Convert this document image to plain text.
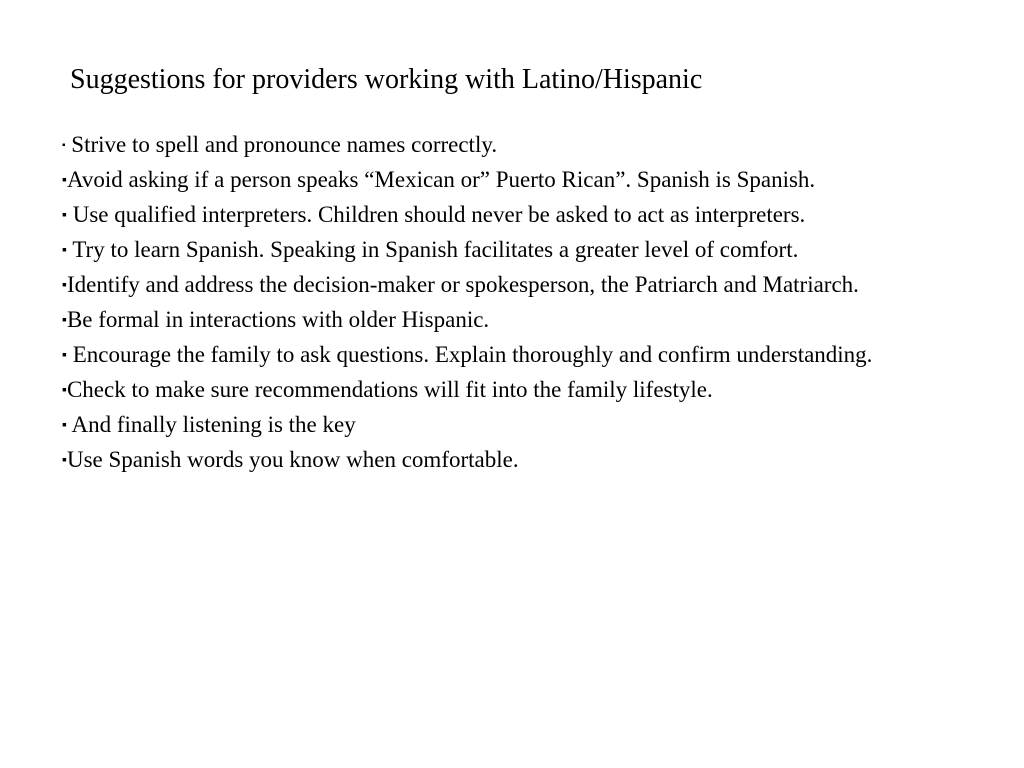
Suggestions for providers working with Latino/Hispanic
▪ Strive to spell and pronounce names correctly.
▪Avoid asking if a person speaks “Mexican or” Puerto Rican”. Spanish is Spanish.
▪ Use qualified interpreters. Children should never be asked to act as interpreters.
▪ Try to learn Spanish. Speaking in Spanish facilitates a greater level of comfort.
▪Identify and address the decision-maker or spokesperson, the Patriarch and Matriarch.
▪Be formal in interactions with older Hispanic.
▪ Encourage the family to ask questions. Explain thoroughly and confirm understanding.
▪Check to make sure recommendations will fit into the family lifestyle.
▪ And finally listening is the key
▪Use Spanish words you know when comfortable.
